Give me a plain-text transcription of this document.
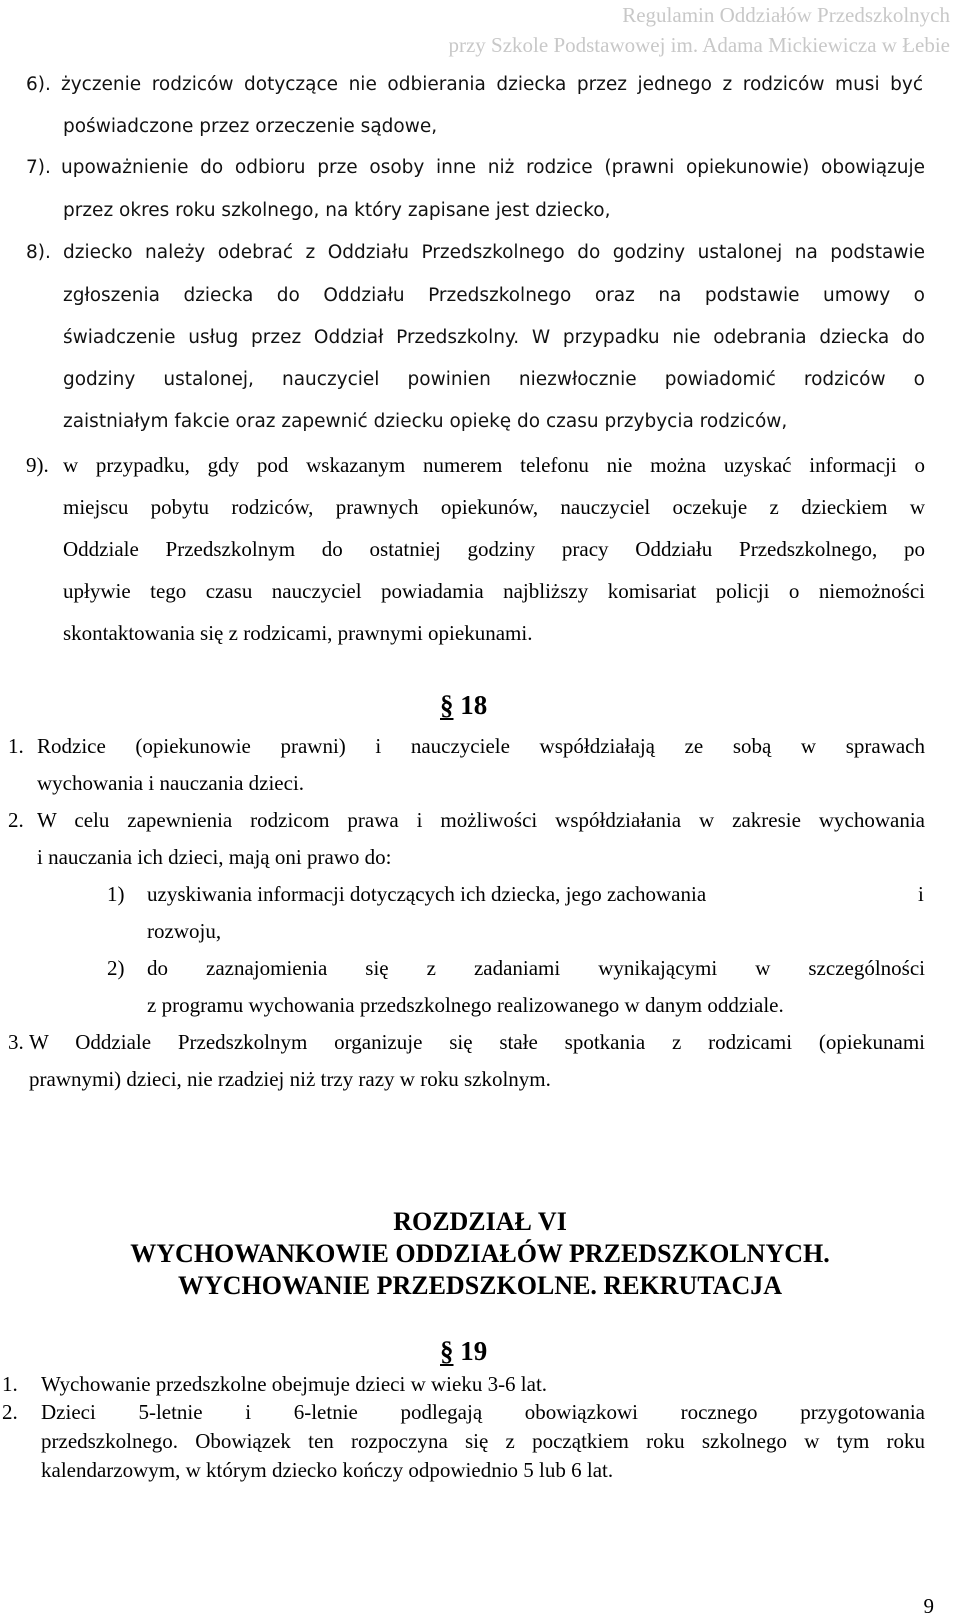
Regulamin Oddziałów Przedszkolnych
przy Szkole Podstawowej im. Adama Mickiewicza w Łebie
6). życzenie rodziców dotyczące nie odbierania dziecka przez jednego z rodziców musi być
poświadczone przez orzeczenie sądowe,
7). upoważnienie do odbioru prze osoby inne niż rodzice (prawni opiekunowie) obowiązuje
przez okres roku szkolnego, na który zapisane jest dziecko,
8). dziecko należy odebrać z Oddziału Przedszkolnego do godziny ustalonej na podstawie
zgłoszenia dziecka do Oddziału Przedszkolnego oraz na podstawie umowy o
świadczenie usług przez Oddział Przedszkolny. W przypadku nie odebrania dziecka do
godziny ustalonej, nauczyciel powinien niezwłocznie powiadomić rodziców o
zaistniałym fakcie oraz zapewnić dziecku opiekę do czasu przybycia rodziców,
9). w przypadku, gdy pod wskazanym numerem telefonu nie można uzyskać informacji o
miejscu pobytu rodziców, prawnych opiekunów, nauczyciel oczekuje z dzieckiem w
Oddziale Przedszkolnym do ostatniej godziny pracy Oddziału Przedszkolnego, po
upływie tego czasu nauczyciel powiadamia najbliższy komisariat policji o niemożności
skontaktowania się z rodzicami, prawnymi opiekunami.
§ 18
1. Rodzice (opiekunowie prawni) i nauczyciele współdziałają ze sobą w sprawach
wychowania i nauczania dzieci.
2. W celu zapewnienia rodzicom prawa i możliwości współdziałania w zakresie wychowania
i nauczania ich dzieci, mają oni prawo do:
1) uzyskiwania informacji dotyczących ich dziecka, jego zachowania	i
rozwoju,
2) do zaznajomienia się z zadaniami wynikającymi w szczególności
z programu wychowania przedszkolnego realizowanego w danym oddziale.
3. W Oddziale Przedszkolnym organizuje się stałe spotkania z rodzicami (opiekunami
prawnymi) dzieci, nie rzadziej niż trzy razy w roku szkolnym.
ROZDZIAŁ VI
WYCHOWANKOWIE ODDZIAŁÓW PRZEDSZKOLNYCH.
WYCHOWANIE PRZEDSZKOLNE. REKRUTACJA
§ 19
1. Wychowanie przedszkolne obejmuje dzieci w wieku 3-6 lat.
2. Dzieci 5-letnie i 6-letnie podlegają obowiązkowi rocznego przygotowania
przedszkolnego. Obowiązek ten rozpoczyna się z początkiem roku szkolnego w tym roku
kalendarzowym, w którym dziecko kończy odpowiednio 5 lub 6 lat.
9
